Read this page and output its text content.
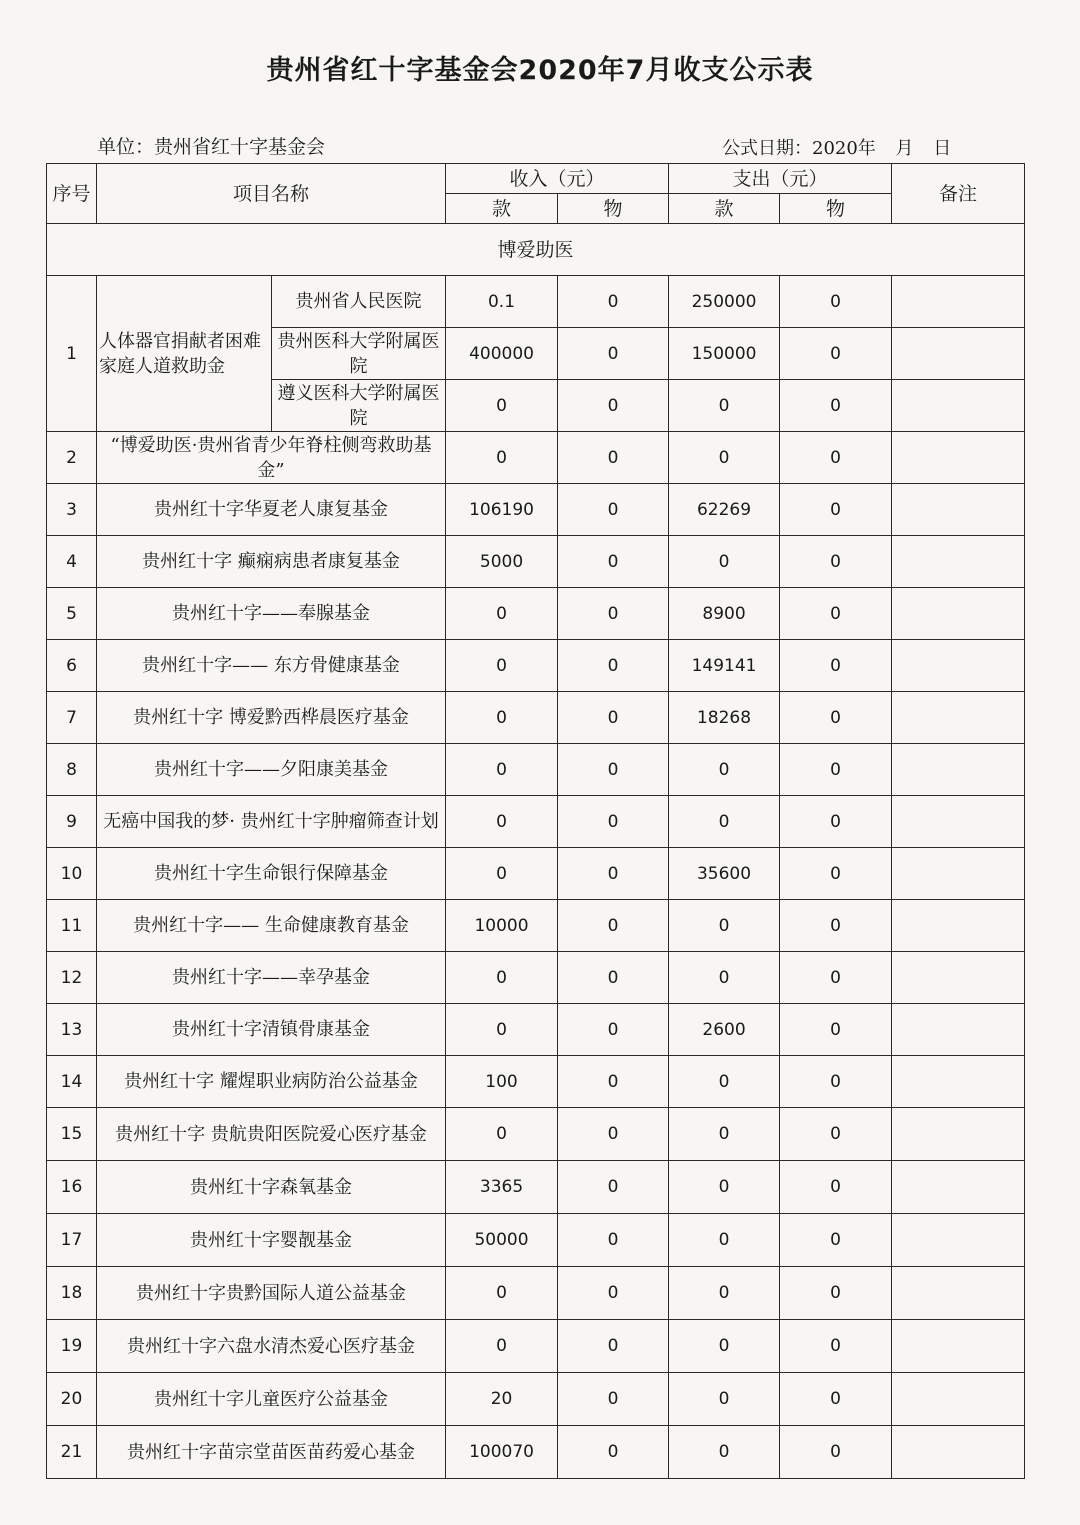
贵州省红十字基金会2020年7月收支公示表
单位：贵州省红十字基金会	公式日期：2020年 月 日
序号	项目名称		收入（元）		支出（元）		备注
			款	物	款	物	
博爱助医							
1	人体器官捐献者困难家庭人道救助金	贵州省人民医院	0.1	0	250000	0	
		贵州医科大学附属医院	400000	0	150000	0	
		遵义医科大学附属医院	0	0	0	0	
2	“博爱助医·贵州省青少年脊柱侧弯救助基金”		0	0	0	0	
3	贵州红十字华夏老人康复基金		106190	0	62269	0	
4	贵州红十字 癫痫病患者康复基金		5000	0	0	0	
5	贵州红十字——奉腺基金		0	0	8900	0	
6	贵州红十字—— 东方骨健康基金		0	0	149141	0	
7	贵州红十字 博爱黔西桦晨医疗基金		0	0	18268	0	
8	贵州红十字——夕阳康美基金		0	0	0	0	
9	无癌中国我的梦· 贵州红十字肿瘤筛查计划		0	0	0	0	
10	贵州红十字生命银行保障基金		0	0	35600	0	
11	贵州红十字—— 生命健康教育基金		10000	0	0	0	
12	贵州红十字——幸孕基金		0	0	0	0	
13	贵州红十字清镇骨康基金		0	0	2600	0	
14	贵州红十字 耀煋职业病防治公益基金		100	0	0	0	
15	贵州红十字 贵航贵阳医院爱心医疗基金		0	0	0	0	
16	贵州红十字森氧基金		3365	0	0	0	
17	贵州红十字婴靓基金		50000	0	0	0	
18	贵州红十字贵黔国际人道公益基金		0	0	0	0	
19	贵州红十字六盘水清杰爱心医疗基金		0	0	0	0	
20	贵州红十字儿童医疗公益基金		20	0	0	0	
21	贵州红十字苗宗堂苗医苗药爱心基金		100070	0	0	0	
